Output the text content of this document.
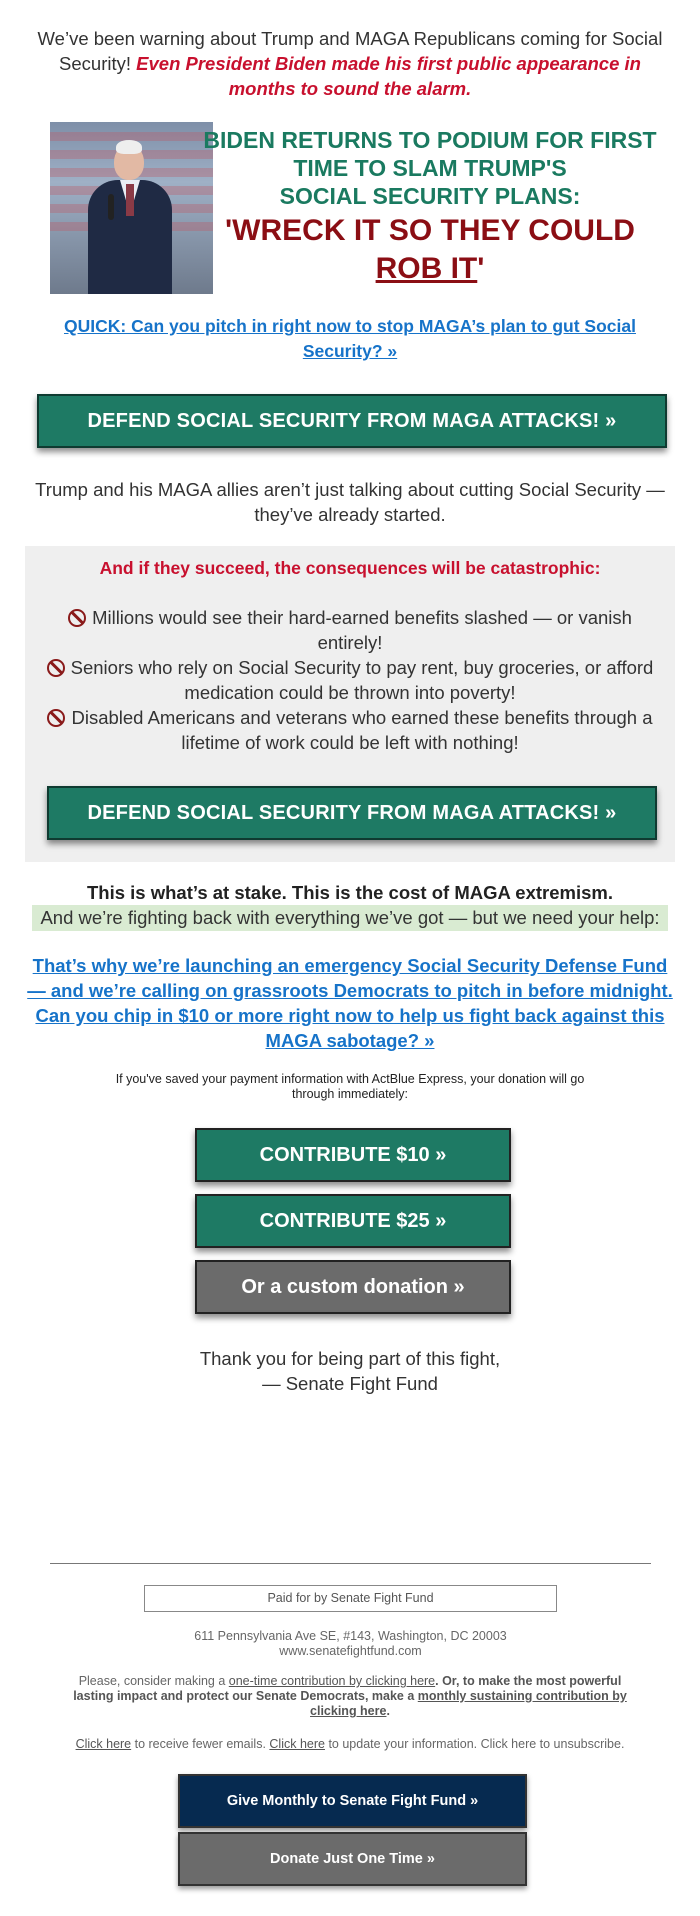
We’ve been warning about Trump and MAGA Republicans coming for Social Security! Even President Biden made his first public appearance in months to sound the alarm.
BIDEN RETURNS TO PODIUM FOR FIRST
TIME TO SLAM TRUMP'S
SOCIAL SECURITY PLANS:
'WRECK IT SO THEY COULD
ROB IT'
QUICK: Can you pitch in right now to stop MAGA’s plan to gut Social Security? »
DEFEND SOCIAL SECURITY FROM MAGA ATTACKS! »
Trump and his MAGA allies aren’t just talking about cutting Social Security — they’ve already started.
And if they succeed, the consequences will be catastrophic:
Millions would see their hard-earned benefits slashed — or vanish entirely!
Seniors who rely on Social Security to pay rent, buy groceries, or afford medication could be thrown into poverty!
Disabled Americans and veterans who earned these benefits through a lifetime of work could be left with nothing!
DEFEND SOCIAL SECURITY FROM MAGA ATTACKS! »
This is what’s at stake. This is the cost of MAGA extremism.
And we’re fighting back with everything we’ve got — but we need your help:
That’s why we’re launching an emergency Social Security Defense Fund — and we’re calling on grassroots Democrats to pitch in before midnight. Can you chip in $10 or more right now to help us fight back against this MAGA sabotage? »
If you've saved your payment information with ActBlue Express, your donation will go through immediately:
CONTRIBUTE $10 »
CONTRIBUTE $25 »
Or a custom donation »
Thank you for being part of this fight,
— Senate Fight Fund
Paid for by Senate Fight Fund
611 Pennsylvania Ave SE, #143, Washington, DC 20003
www.senatefightfund.com
Please, consider making a one-time contribution by clicking here. Or, to make the most powerful lasting impact and protect our Senate Democrats, make a monthly sustaining contribution by clicking here.
Click here to receive fewer emails. Click here to update your information. Click here to unsubscribe.
Give Monthly to Senate Fight Fund »
Donate Just One Time »
